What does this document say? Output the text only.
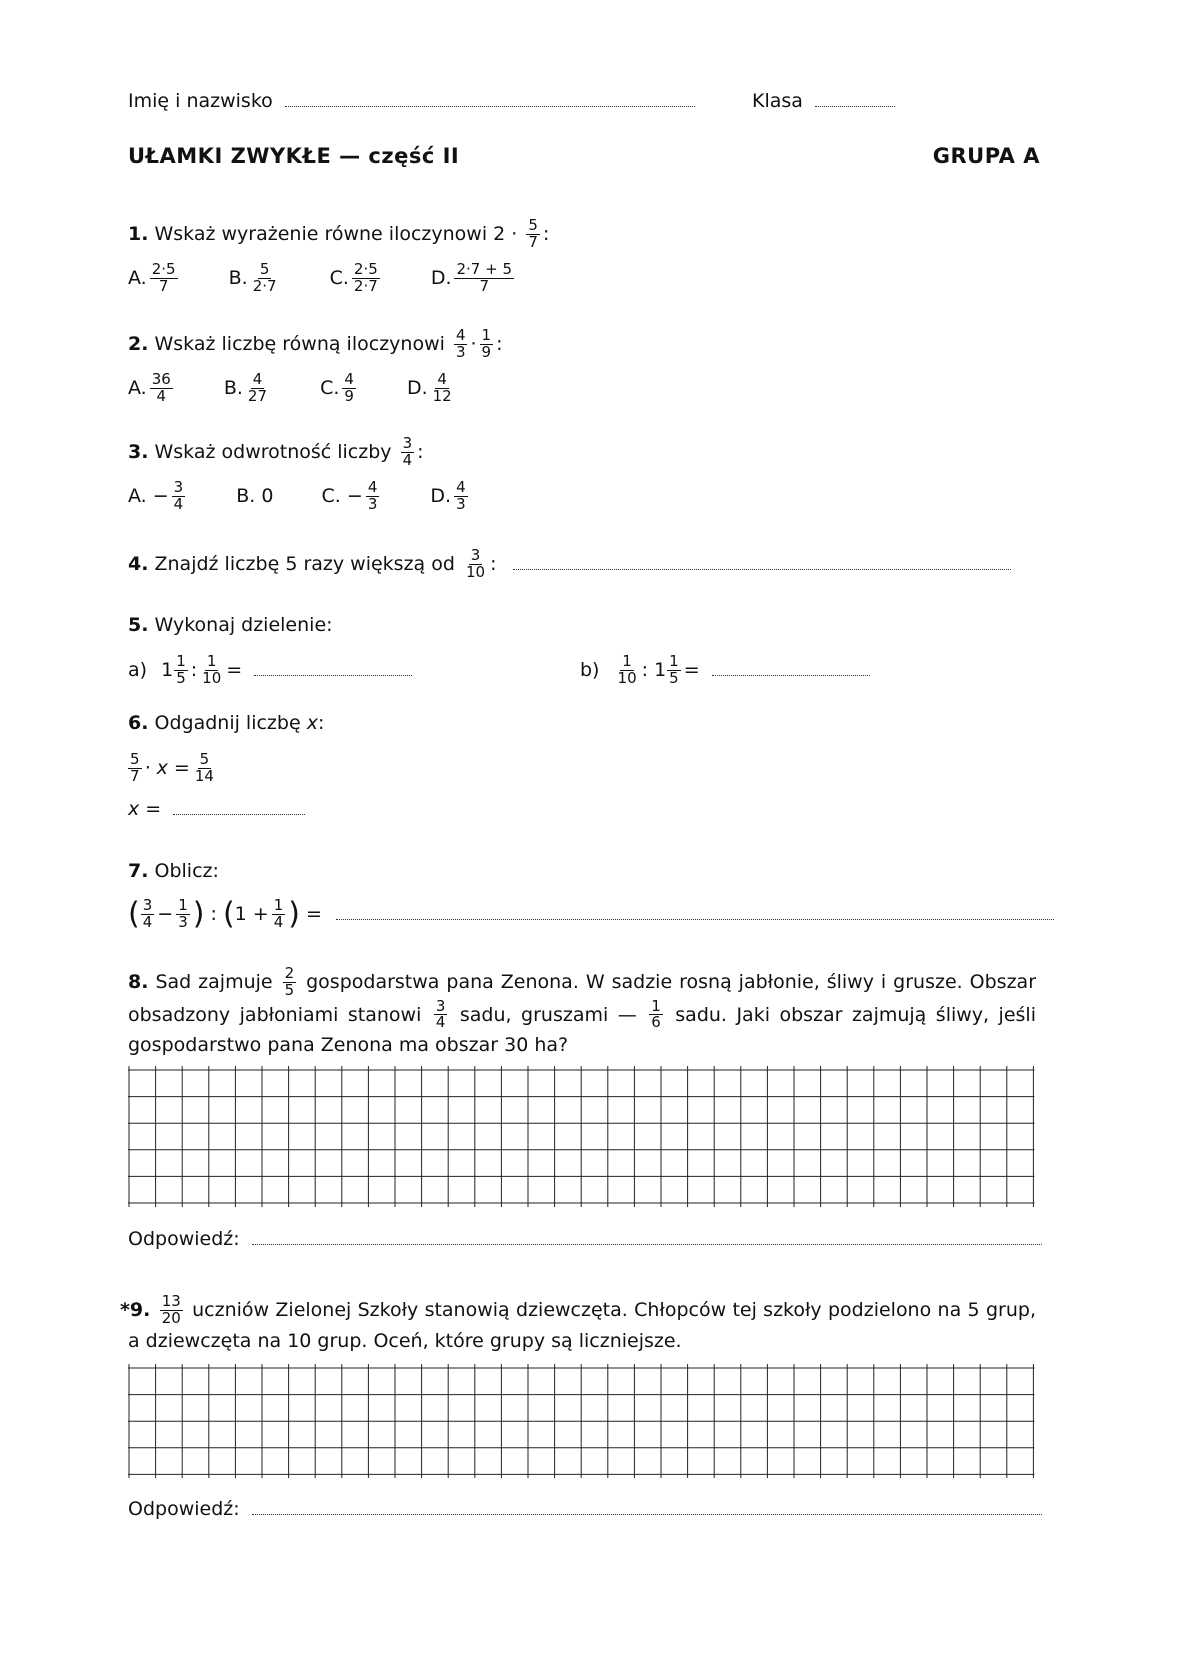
Imię i nazwisko	Klasa
UŁAMKI ZWYKŁE — część II	GRUPA A
1. Wskaż wyrażenie równe iloczynowi $2 \cdot \frac{5}{7}$ :
A. $\frac{2\cdot 5}{7}$	B. $\frac{5}{2\cdot 7}$	C. $\frac{2\cdot 5}{2\cdot 7}$	D. $\frac{2\cdot 7 + 5}{7}$
2. Wskaż liczbę równą iloczynowi $\frac{4}{3} \cdot \frac{1}{9}$ :
A. $\frac{36}{4}$	B. $\frac{4}{27}$	C. $\frac{4}{9}$	D. $\frac{4}{12}$
3. Wskaż odwrotność liczby $\frac{3}{4}$ :
A. − $\frac{3}{4}$	B. 0	C. − $\frac{4}{3}$	D. $\frac{4}{3}$
4. Znajdź liczbę 5 razy większą od $\frac{3}{10}$ :
5. Wykonaj dzielenie:
a) $1 \frac{1}{5}$ : $\frac{1}{10}$ =	$b) \frac{1}{10}$ : $1 \frac{1}{5}$ =
6. Odgadnij liczbę x:
$\frac{5}{7} \cdot x = \frac{5}{14}$
x =
7. Oblicz:
( $\frac{3}{4} - \frac{1}{3}$ ) : ($1 + \frac{1}{4}$ ) =
8. Sad zajmuje $\frac{2}{5}$ gospodarstwa pana Zenona. W sadzie rosną jabłonie, śliwy i grusze. Obszar obsadzony jabłoniami stanowi $\frac{3}{4}$ sadu, gruszami — $\frac{1}{6}$ sadu. Jaki obszar zajmują śliwy, jeśli gospodarstwo pana Zenona ma obszar 30 ha?
Odpowiedź:
*9. $\frac{13}{20}$ uczniów Zielonej Szkoły stanowią dziewczęta. Chłopców tej szkoły podzielono na 5 grup, a dziewczęta na 10 grup. Oceń, które grupy są liczniejsze.
Odpowiedź:
